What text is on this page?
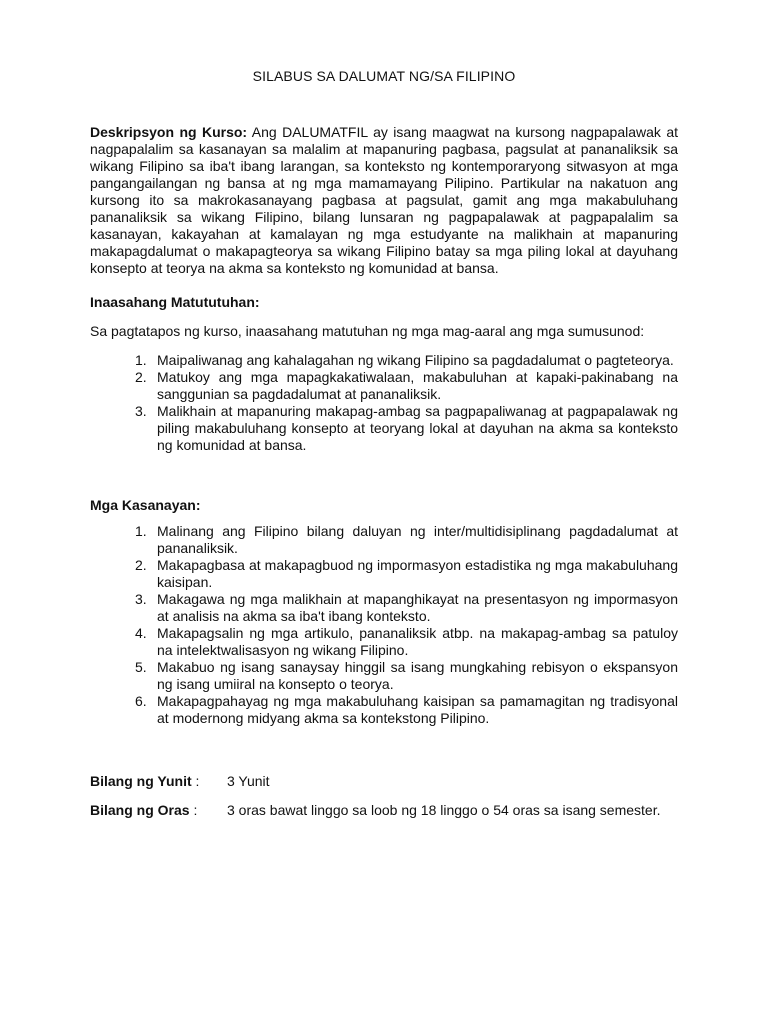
SILABUS SA DALUMAT NG/SA FILIPINO
Deskripsyon ng Kurso: Ang DALUMATFIL ay isang maagwat na kursong nagpapalawak at nagpapalalim sa kasanayan sa malalim at mapanuring pagbasa, pagsulat at pananaliksik sa wikang Filipino sa iba't ibang larangan, sa konteksto ng kontemporaryong sitwasyon at mga pangangailangan ng bansa at ng mga mamamayang Pilipino. Partikular na nakatuon ang kursong ito sa makrokasanayang pagbasa at pagsulat, gamit ang mga makabuluhang pananaliksik sa wikang Filipino, bilang lunsaran ng pagpapalawak at pagpapalalim sa kasanayan, kakayahan at kamalayan ng mga estudyante na malikhain at mapanuring makapagdalumat o makapagteorya sa wikang Filipino batay sa mga piling lokal at dayuhang konsepto at teorya na akma sa konteksto ng komunidad at bansa.
Inaasahang Matututuhan:
Sa pagtatapos ng kurso, inaasahang matutuhan ng mga mag-aaral ang mga sumusunod:
1. Maipaliwanag ang kahalagahan ng wikang Filipino sa pagdadalumat o pagteteorya.
2. Matukoy ang mga mapagkakatiwalaan, makabuluhan at kapaki-pakinabang na sanggunian sa pagdadalumat at pananaliksik.
3. Malikhain at mapanuring makapag-ambag sa pagpapaliwanag at pagpapalawak ng piling makabuluhang konsepto at teoryang lokal at dayuhan na akma sa konteksto ng komunidad at bansa.
Mga Kasanayan:
1. Malinang ang Filipino bilang daluyan ng inter/multidisiplinang pagdadalumat at pananaliksik.
2. Makapagbasa at makapagbuod ng impormasyon estadistika ng mga makabuluhang kaisipan.
3. Makagawa ng mga malikhain at mapanghikayat na presentasyon ng impormasyon at analisis na akma sa iba't ibang konteksto.
4. Makapagsalin ng mga artikulo, pananaliksik atbp. na makapag-ambag sa patuloy na intelektwalisasyon ng wikang Filipino.
5. Makabuo ng isang sanaysay hinggil sa isang mungkahing rebisyon o ekspansyon ng isang umiiral na konsepto o teorya.
6. Makapagpahayag ng mga makabuluhang kaisipan sa pamamagitan ng tradisyonal at modernong midyang akma sa kontekstong Pilipino.
Bilang ng Yunit : 3 Yunit
Bilang ng Oras : 3 oras bawat linggo sa loob ng 18 linggo o 54 oras sa isang semester.
